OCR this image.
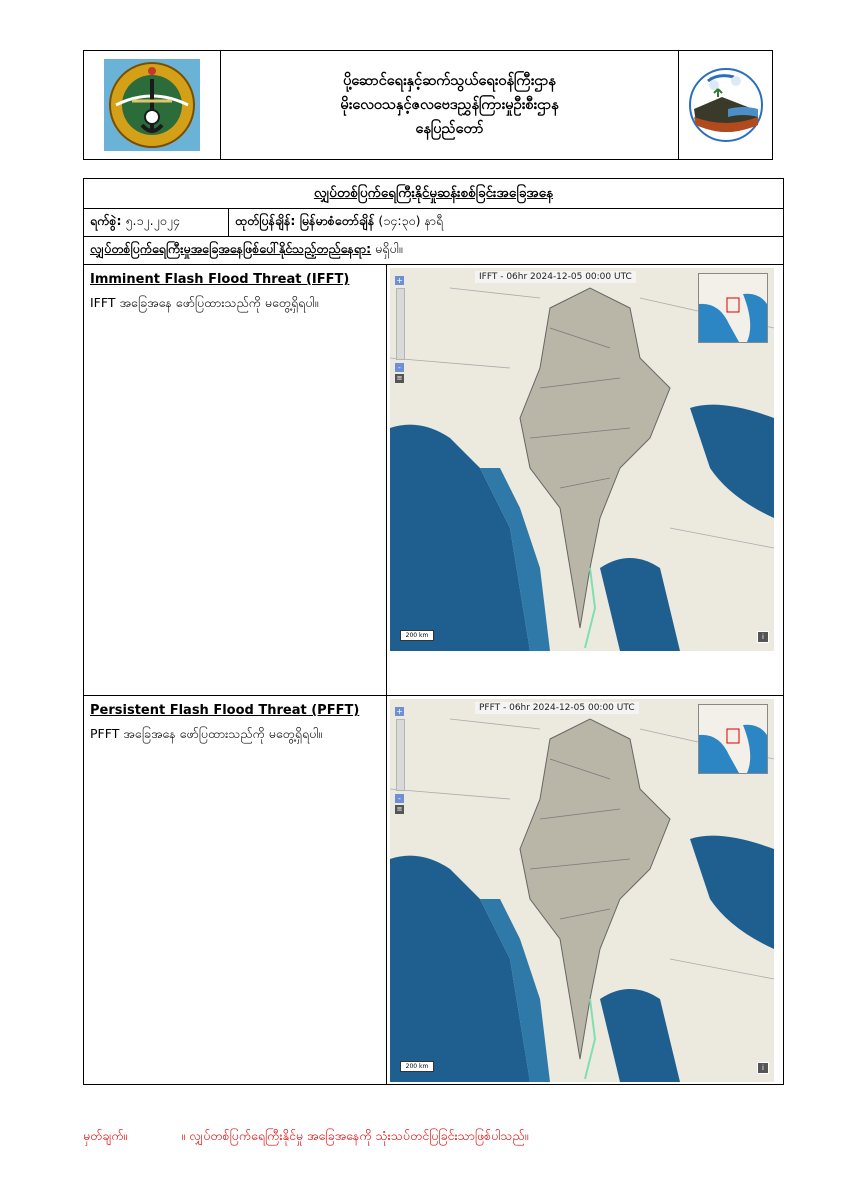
ပို့ဆောင်ရေးနှင့်ဆက်သွယ်ရေးဝန်ကြီးဌာန
မိုးလေဝသနှင့်ဇလဗေဒညွှန်ကြားမှုဦးစီးဌာန
နေပြည်တော်
လျှပ်တစ်ပြက်ရေကြီးနိုင်မှုဆန်းစစ်ခြင်းအခြေအနေ
ရက်စွဲ:
၅.၁၂.၂၀၂၄	ထုတ်ပြန်ချိန်: မြန်မာစံတော်ချိန်
(၁၄:၃၀) နာရီ
လျှပ်တစ်ပြက်ရေကြီးမှုအခြေအနေဖြစ်ပေါ်နိုင်သည့်တည်နေရာ:
မရှိပါ။
Imminent Flash Flood Threat (IFFT)
IFFT အခြေအနေ ဖော်ပြထားသည်ကို မတွေ့ရှိရပါ။
+
-
≡
IFFT - 06hr 2024-12-05 00:00 UTC
200 km	i
Persistent Flash Flood Threat (PFFT)
PFFT အခြေအနေ ဖော်ပြထားသည်ကို မတွေ့ရှိရပါ။
+
-
≡
PFFT - 06hr 2024-12-05 00:00 UTC
200 km	i
မှတ်ချက်။	။ လျှပ်တစ်ပြက်ရေကြီးနိုင်မှု အခြေအနေကို သုံးသပ်တင်ပြခြင်းသာဖြစ်ပါသည်။
